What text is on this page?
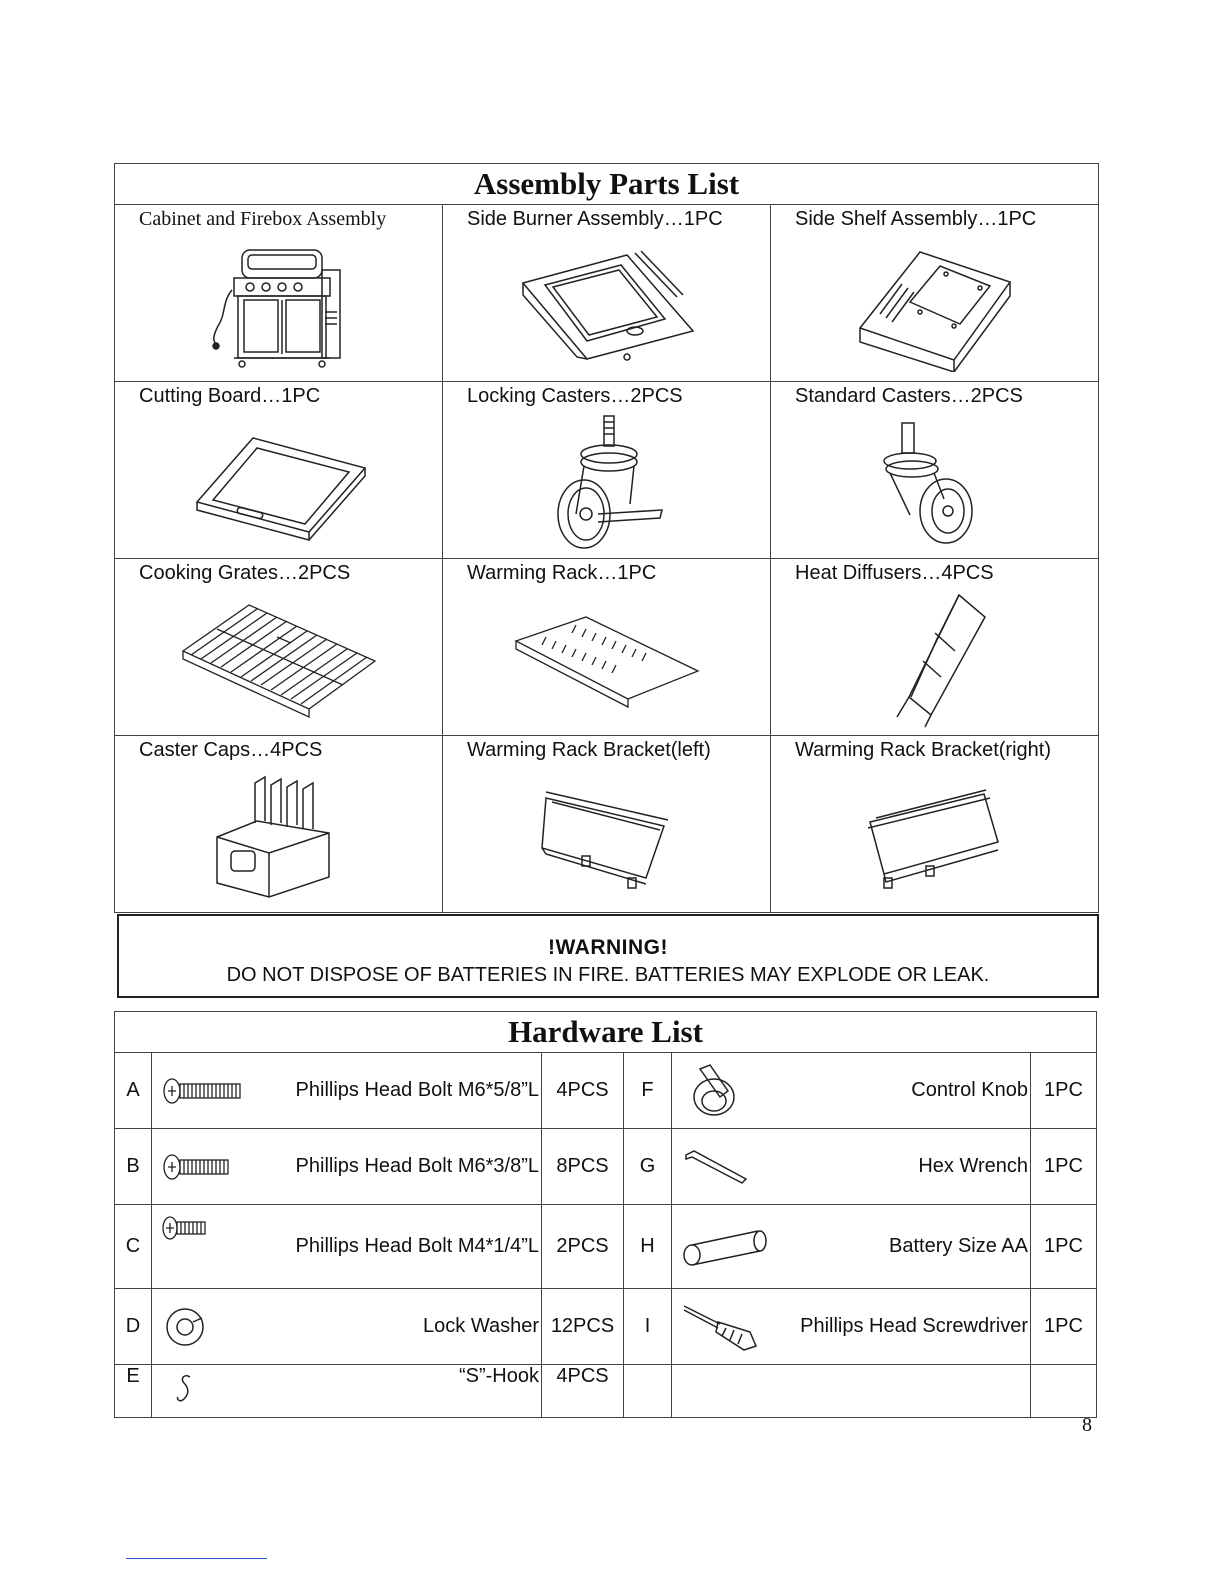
Assembly Parts List		

Cabinet and Firebox Assembly	Side Burner Assembly…1PC	Side Shelf Assembly…1PC

Cutting Board…1PC	Locking Casters…2PCS	Standard Casters…2PCS

Cooking Grates…2PCS	Warming Rack…1PC	Heat Diffusers…4PCS

Caster Caps…4PCS	Warming Rack Bracket(left)	Warming Rack Bracket(right)
!WARNING!
DO NOT DISPOSE OF BATTERIES IN FIRE. BATTERIES MAY EXPLODE OR LEAK.
Hardware List							
A		Phillips Head Bolt M6*5/8”L	4PCS	F		Control Knob	1PC
B		Phillips Head Bolt M6*3/8”L	8PCS	G		Hex Wrench	1PC
C		Phillips Head Bolt M4*1/4”L	2PCS	H		Battery Size AA	1PC
D		Lock Washer	12PCS	I		Phillips Head Screwdriver	1PC
E		“S”-Hook	4PCS				
8
